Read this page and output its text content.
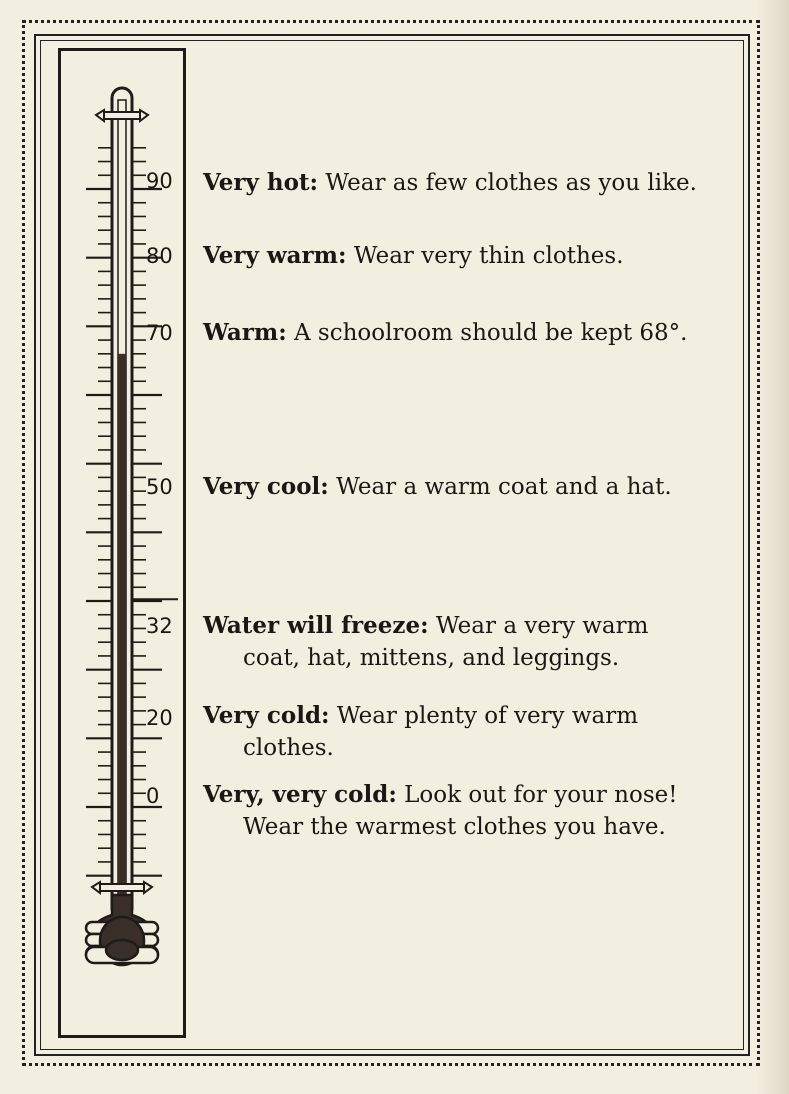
90
80
70
50
32
20
0
Very hot: Wear as few clothes as you like.
Very warm: Wear very thin clothes.
Warm: A schoolroom should be kept 68°.
Very cool: Wear a warm coat and a hat.
Water will freeze: Wear a very warm
coat, hat, mittens, and leggings.
Very cold: Wear plenty of very warm
clothes.
Very, very cold: Look out for your nose!
Wear the warmest clothes you have.
